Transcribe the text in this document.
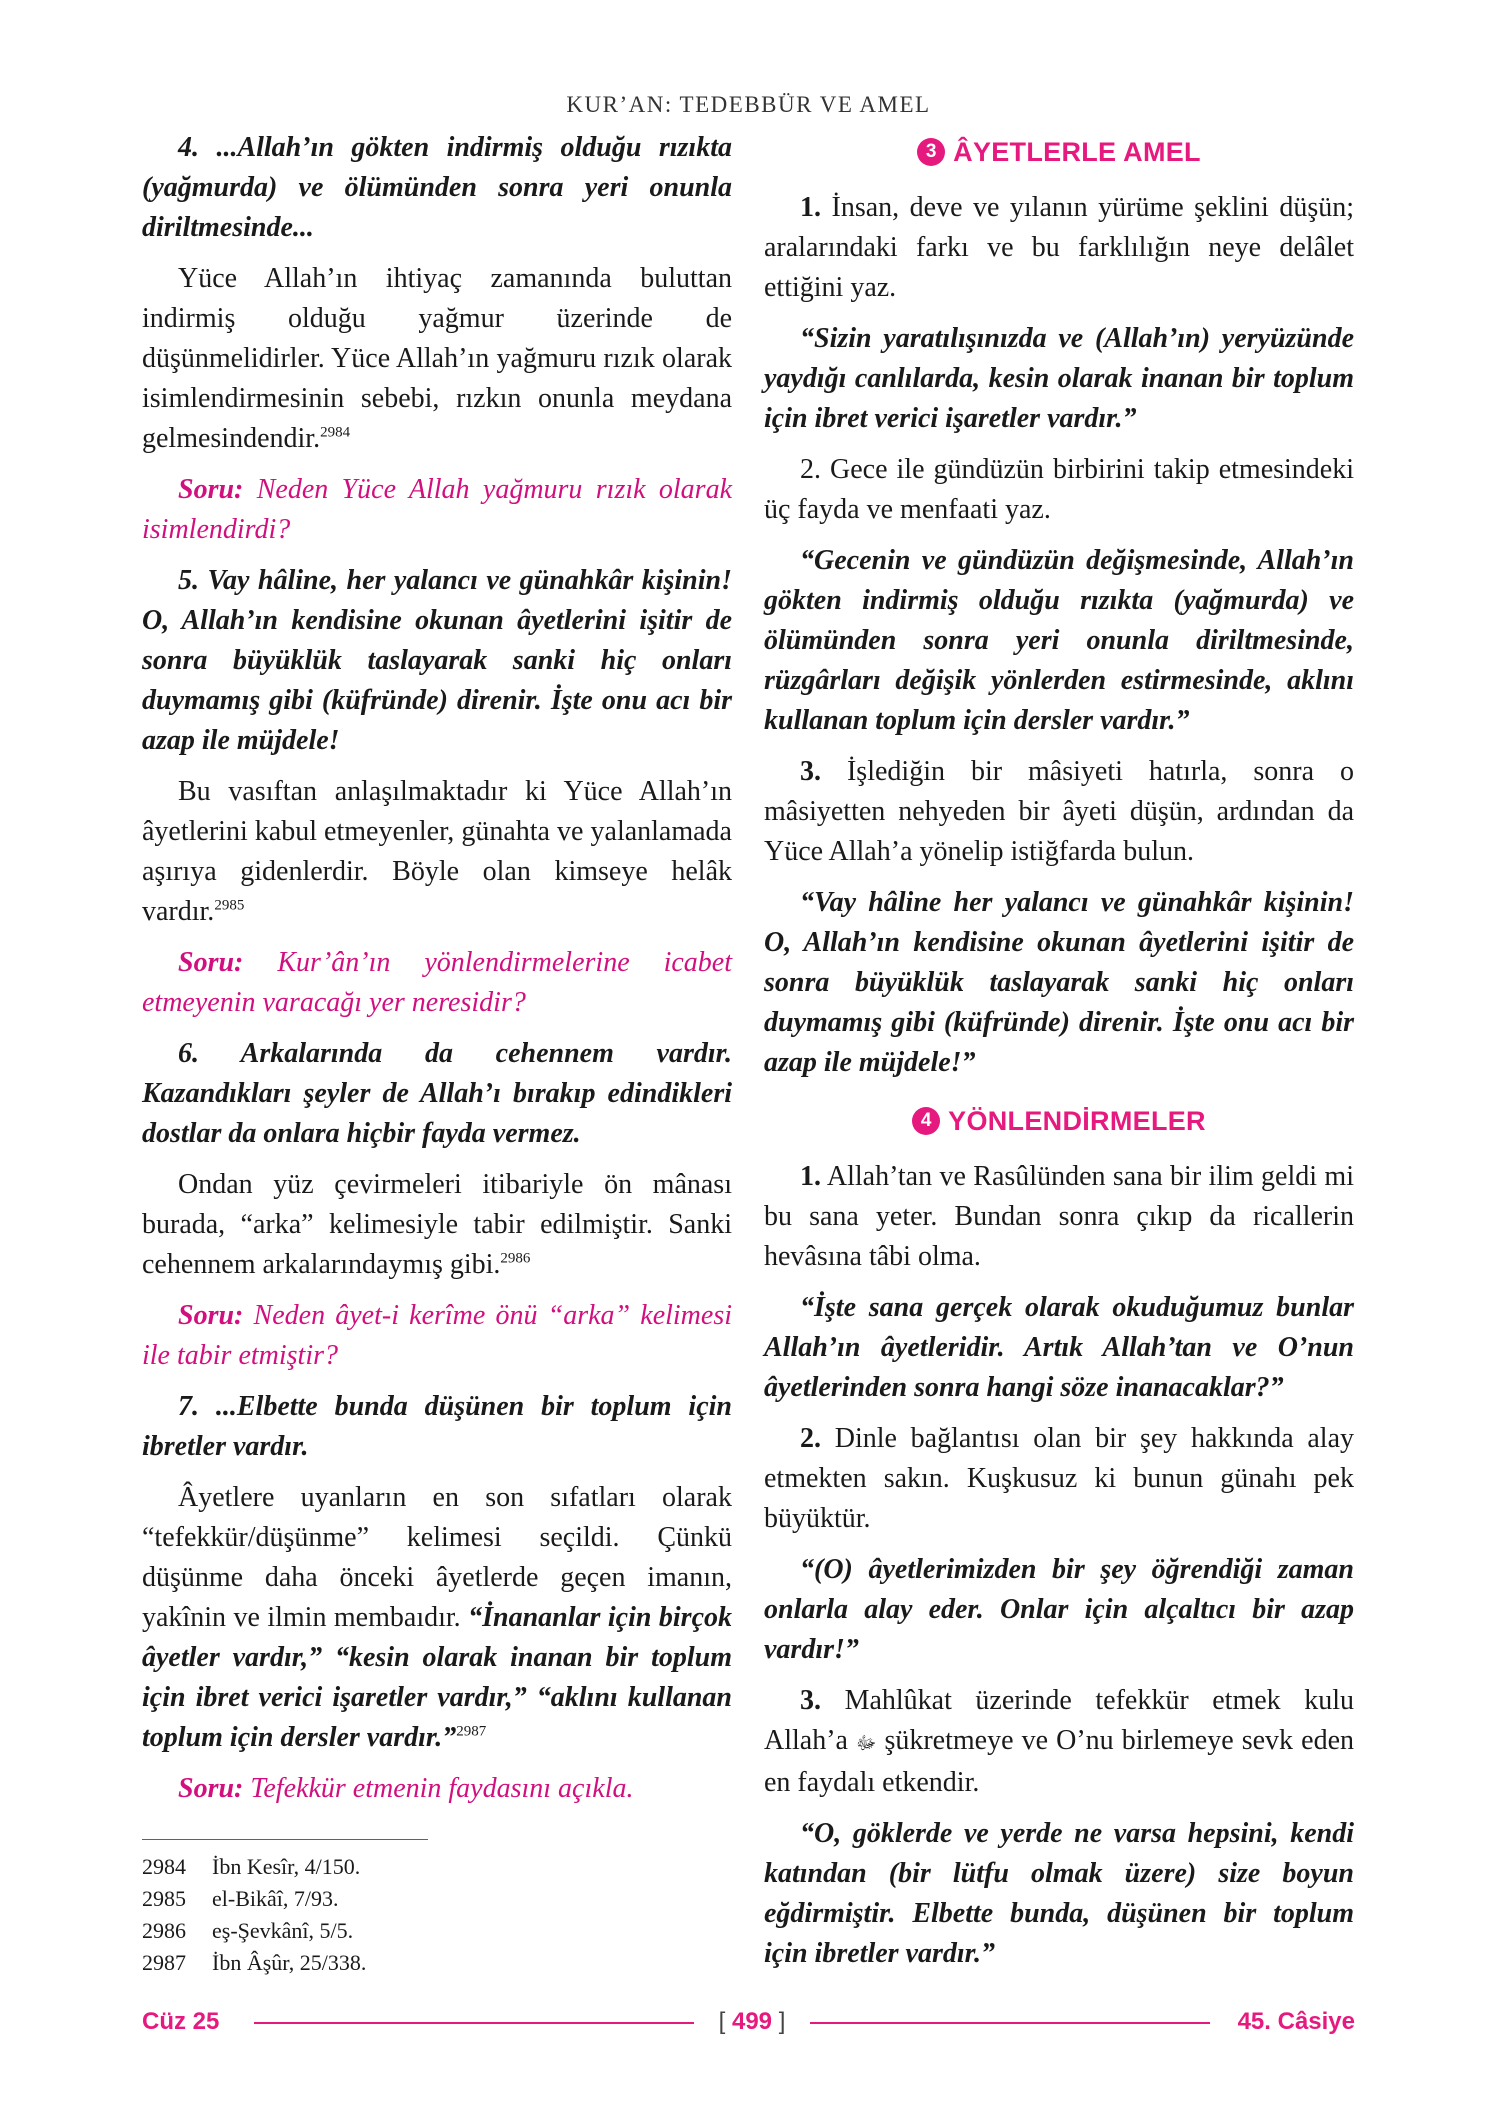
KUR’AN: TEDEBBÜR VE AMEL

4. ...Allah’ın gökten indirmiş olduğu rızıkta (yağmurda) ve ölümünden sonra yeri onunla diriltmesinde...

Yüce Allah’ın ihtiyaç zamanında buluttan indirmiş olduğu yağmur üzerinde de düşünmelidirler. Yüce Allah’ın yağmuru rızık olarak isimlendirmesinin sebebi, rızkın onunla meydana gelmesindendir.$^{2984}$

Soru: Neden Yüce Allah yağmuru rızık olarak isimlendirdi?

5. Vay hâline, her yalancı ve günahkâr kişinin! O, Allah’ın kendisine okunan âyetlerini işitir de sonra büyüklük taslayarak sanki hiç onları duymamış gibi (küfründe) direnir. İşte onu acı bir azap ile müjdele!

Bu vasıftan anlaşılmaktadır ki Yüce Allah’ın âyetlerini kabul etmeyenler, günahta ve yalanlamada aşırıya gidenlerdir. Böyle olan kimseye helâk vardır.$^{2985}$

Soru: Kur’ân’ın yönlendirmelerine icabet etmeyenin varacağı yer neresidir?

6. Arkalarında da cehennem vardır. Kazandıkları şeyler de Allah’ı bırakıp edindikleri dostlar da onlara hiçbir fayda vermez.

Ondan yüz çevirmeleri itibariyle ön mânası burada, “arka” kelimesiyle tabir edilmiştir. Sanki cehennem arkalarındaymış gibi.$^{2986}$

Soru: Neden âyet-i kerîme önü “arka” kelimesi ile tabir etmiştir?

7. ...Elbette bunda düşünen bir toplum için ibretler vardır.

Âyetlere uyanların en son sıfatları olarak “tefekkür/düşünme” kelimesi seçildi. Çünkü düşünme daha önceki âyetlerde geçen imanın, yakînin ve ilmin membaıdır. “İnananlar için birçok âyetler vardır,” “kesin olarak inanan bir toplum için ibret verici işaretler vardır,” “aklını kullanan toplum için dersler vardır.”$^{2987}$

Soru: Tefekkür etmenin faydasını açıkla.

2984	İbn Kesîr, 4/150.
2985	el-Bikâî, 7/93.
2986	eş-Şevkânî, 5/5.
2987	İbn Âşûr, 25/338.
3 ÂYETLERLE AMEL

1. İnsan, deve ve yılanın yürüme şeklini düşün; aralarındaki farkı ve bu farklılığın neye delâlet ettiğini yaz.

“Sizin yaratılışınızda ve (Allah’ın) yeryüzünde yaydığı canlılarda, kesin olarak inanan bir toplum için ibret verici işaretler vardır.”

2. Gece ile gündüzün birbirini takip etmesindeki üç fayda ve menfaati yaz.

“Gecenin ve gündüzün değişmesinde, Allah’ın gökten indirmiş olduğu rızıkta (yağmurda) ve ölümünden sonra yeri onunla diriltmesinde, rüzgârları değişik yönlerden estirmesinde, aklını kullanan toplum için dersler vardır.”

3. İşlediğin bir mâsiyeti hatırla, sonra o mâsiyetten nehyeden bir âyeti düşün, ardından da Yüce Allah’a yönelip istiğfarda bulun.

“Vay hâline her yalancı ve günahkâr kişinin! O, Allah’ın kendisine okunan âyetlerini işitir de sonra büyüklük taslayarak sanki hiç onları duymamış gibi (küfründe) direnir. İşte onu acı bir azap ile müjdele!”

4 YÖNLENDİRMELER

1. Allah’tan ve Rasûlünden sana bir ilim geldi mi bu sana yeter. Bundan sonra çıkıp da ricallerin hevâsına tâbi olma.

“İşte sana gerçek olarak okuduğumuz bunlar Allah’ın âyetleridir. Artık Allah’tan ve O’nun âyetlerinden sonra hangi söze inanacaklar?”

2. Dinle bağlantısı olan bir şey hakkında alay etmekten sakın. Kuşkusuz ki bunun günahı pek büyüktür.

“(O) âyetlerimizden bir şey öğrendiği zaman onlarla alay eder. Onlar için alçaltıcı bir azap vardır!”

3. Mahlûkat üzerinde tefekkür etmek kulu Allah’a ﷻ şükretmeye ve O’nu birlemeye sevk eden en faydalı etkendir.

“O, göklerde ve yerde ne varsa hepsini, kendi katından (bir lütfu olmak üzere) size boyun eğdirmiştir. Elbette bunda, düşünen bir toplum için ibretler vardır.”

Cüz 25	[ 499 ]	45. Câsiye
